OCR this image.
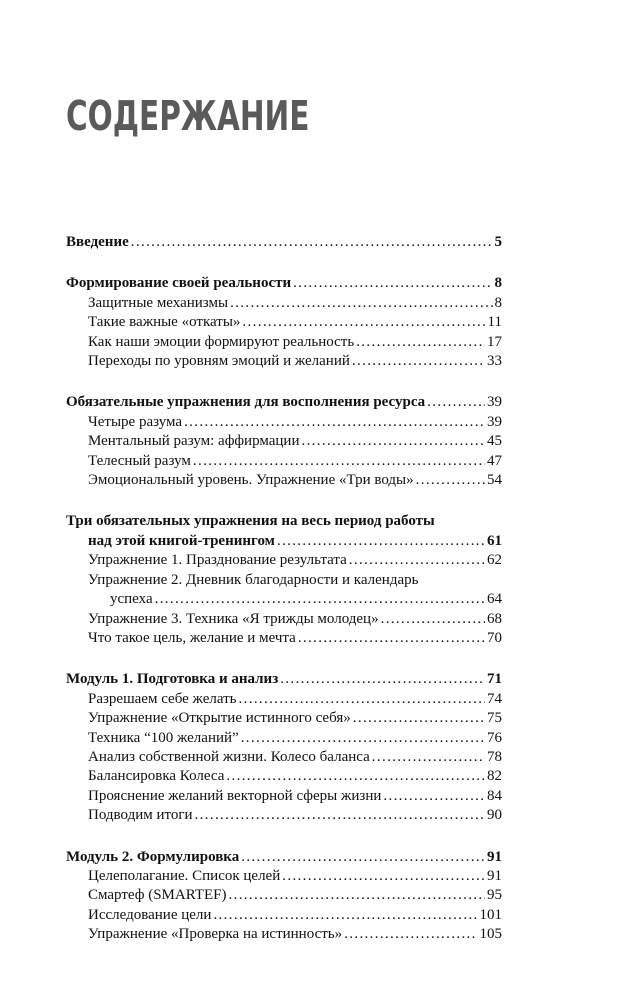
СОДЕРЖАНИЕ
Введение . . .	5
Формирование своей реальности . . .	8
Защитные механизмы . . .	8
Такие важные «откаты» . . .	11
Как наши эмоции формируют реальность . . .	17
Переходы по уровням эмоций и желаний . . .	33
Обязательные упражнения для восполнения ресурса . . .	39
Четыре разума . . .	39
Ментальный разум: аффирмации . . .	45
Телесный разум . . .	47
Эмоциональный уровень. Упражнение «Три воды» . . .	54
Три обязательных упражнения на весь период работы
над этой книгой-тренингом . . .	61
Упражнение 1. Празднование результата . . .	62
Упражнение 2. Дневник благодарности и календарь
успеха . . .	64
Упражнение 3. Техника «Я трижды молодец» . . .	68
Что такое цель, желание и мечта . . .	70
Модуль 1. Подготовка и анализ . . .	71
Разрешаем себе желать . . .	74
Упражнение «Открытие истинного себя» . . .	75
Техника “100 желаний” . . .	76
Анализ собственной жизни. Колесо баланса . . .	78
Балансировка Колеса . . .	82
Прояснение желаний векторной сферы жизни . . .	84
Подводим итоги . . .	90
Модуль 2. Формулировка . . .	91
Целеполагание. Список целей . . .	91
Смартеф (SMARTEF) . . .	95
Исследование цели . . .	101
Упражнение «Проверка на истинность» . . .	105
